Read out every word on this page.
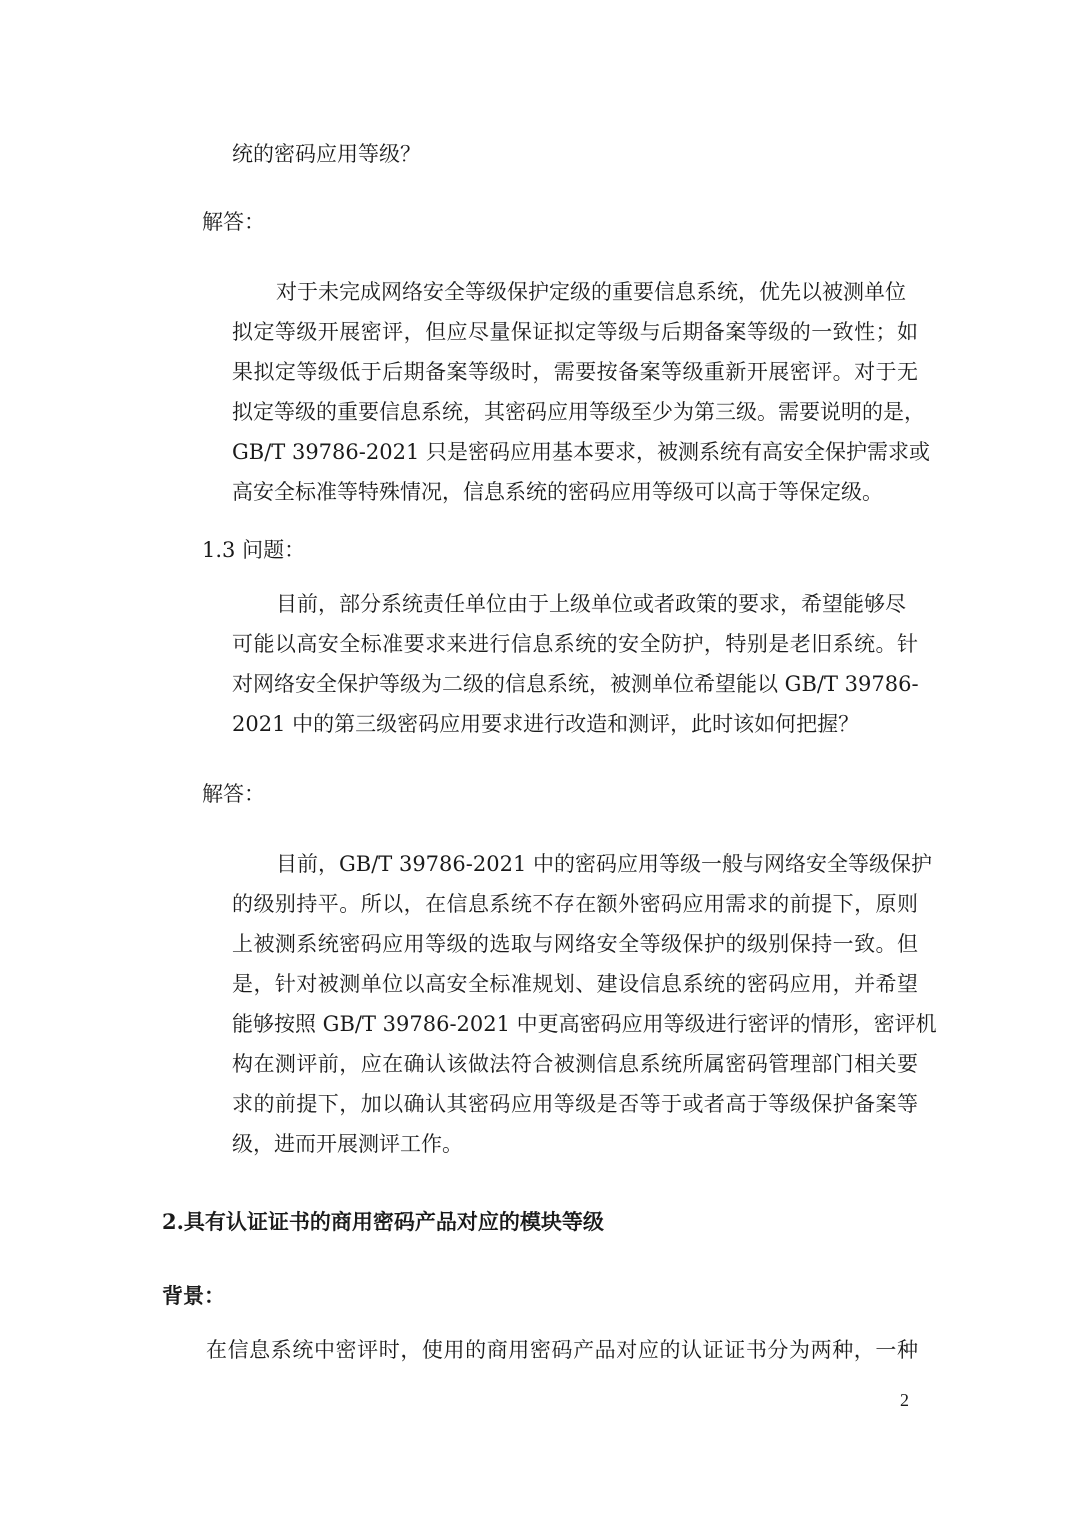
统的密码应用等级？
解答：
对于未完成网络安全等级保护定级的重要信息系统，优先以被测单位
拟定等级开展密评，但应尽量保证拟定等级与后期备案等级的一致性；如
果拟定等级低于后期备案等级时，需要按备案等级重新开展密评。对于无
拟定等级的重要信息系统，其密码应用等级至少为第三级。需要说明的是，
GB/T 39786-2021 只是密码应用基本要求，被测系统有高安全保护需求或
高安全标准等特殊情况，信息系统的密码应用等级可以高于等保定级。
1.3 问题：
目前，部分系统责任单位由于上级单位或者政策的要求，希望能够尽
可能以高安全标准要求来进行信息系统的安全防护，特别是老旧系统。针
对网络安全保护等级为二级的信息系统，被测单位希望能以 GB/T 39786-
2021 中的第三级密码应用要求进行改造和测评，此时该如何把握？
解答：
目前，GB/T 39786-2021 中的密码应用等级一般与网络安全等级保护
的级别持平。所以，在信息系统不存在额外密码应用需求的前提下，原则
上被测系统密码应用等级的选取与网络安全等级保护的级别保持一致。但
是，针对被测单位以高安全标准规划、建设信息系统的密码应用，并希望
能够按照 GB/T 39786-2021 中更高密码应用等级进行密评的情形，密评机
构在测评前，应在确认该做法符合被测信息系统所属密码管理部门相关要
求的前提下，加以确认其密码应用等级是否等于或者高于等级保护备案等
级，进而开展测评工作。
2.具有认证证书的商用密码产品对应的模块等级
背景：
在信息系统中密评时，使用的商用密码产品对应的认证证书分为两种，一种
2
